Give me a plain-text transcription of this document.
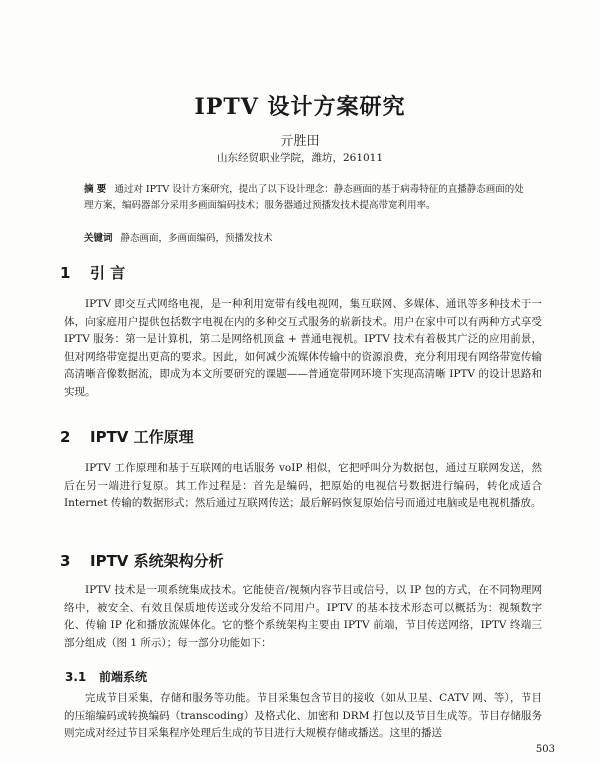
IPTV 设计方案研究
亓胜田
山东经贸职业学院，潍坊，261011
摘 要 通过对 IPTV 设计方案研究，提出了以下设计理念：静态画面的基于病毒特征的直播静态画面的处理方案，编码器部分采用多画面编码技术；服务器通过预播发技术提高带宽利用率。
关键词 静态画面，多画面编码，预播发技术
1 引 言
IPTV 即交互式网络电视，是一种利用宽带有线电视网，集互联网、多媒体、通讯等多种技术于一体，向家庭用户提供包括数字电视在内的多种交互式服务的崭新技术。用户在家中可以有两种方式享受 IPTV 服务：第一是计算机，第二是网络机顶盒 + 普通电视机。IPTV 技术有着极其广泛的应用前景，但对网络带宽提出更高的要求。因此，如何减少流媒体传输中的资源浪费，充分利用现有网络带宽传输高清晰音像数据流，即成为本文所要研究的课题——普通宽带网环境下实现高清晰 IPTV 的设计思路和实现。
2 IPTV 工作原理
IPTV 工作原理和基于互联网的电话服务 voIP 相似，它把呼叫分为数据包，通过互联网发送，然后在另一端进行复原。其工作过程是：首先是编码，把原始的电视信号数据进行编码，转化成适合 Internet 传输的数据形式；然后通过互联网传送；最后解码恢复原始信号而通过电脑或是电视机播放。
3 IPTV 系统架构分析
IPTV 技术是一项系统集成技术。它能使音/视频内容节目或信号，以 IP 包的方式，在不同物理网络中，被安全、有效且保质地传送或分发给不同用户。IPTV 的基本技术形态可以概括为：视频数字化、传输 IP 化和播放流媒体化。它的整个系统架构主要由 IPTV 前端，节目传送网络，IPTV 终端三部分组成（图 1 所示）；每一部分功能如下：
3.1 前端系统
完成节目采集，存储和服务等功能。节目采集包含节目的接收（如从卫星、CATV 网、等），节目的压缩编码或转换编码（transcoding）及格式化、加密和 DRM 打包以及节目生成等。节目存储服务则完成对经过节目采集程序处理后生成的节目进行大规模存储或播送。这里的播送
503
